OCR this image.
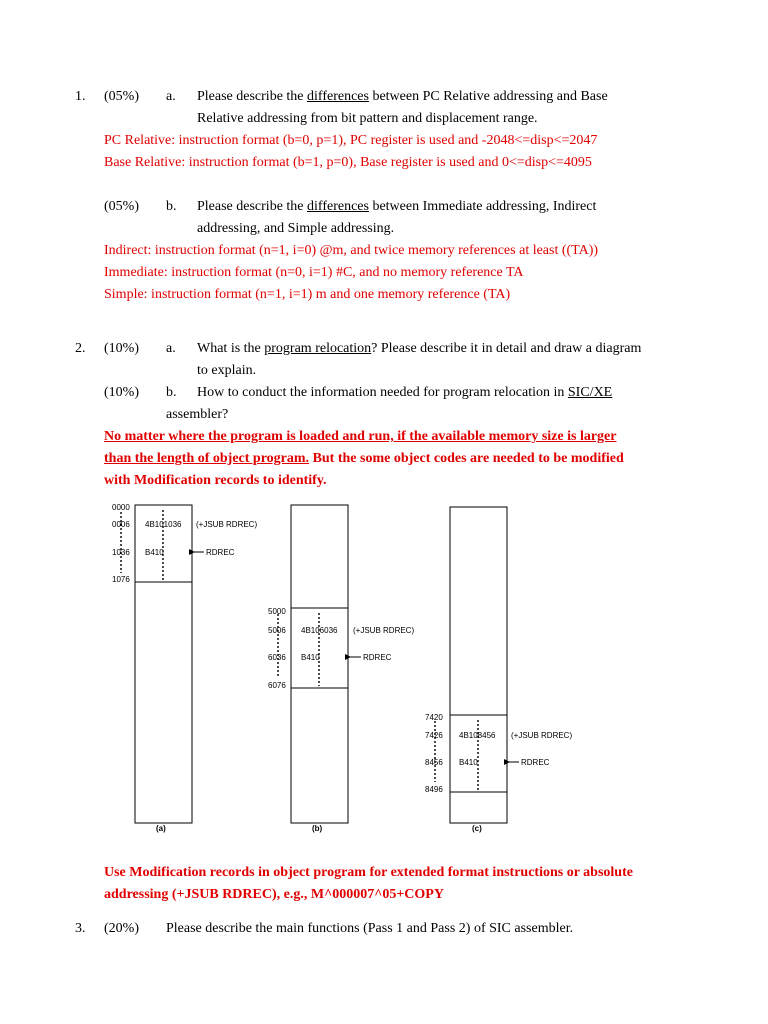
1. (05%) a. Please describe the differences between PC Relative addressing and Base
Relative addressing from bit pattern and displacement range.
PC Relative: instruction format (b=0, p=1), PC register is used and -2048<=disp<=2047
Base Relative: instruction format (b=1, p=0), Base register is used and 0<=disp<=4095
(05%) b. Please describe the differences between Immediate addressing, Indirect
addressing, and Simple addressing.
Indirect: instruction format (n=1, i=0) @m, and twice memory references at least ((TA))
Immediate: instruction format (n=0, i=1) #C, and no memory reference TA
Simple: instruction format (n=1, i=1) m and one memory reference (TA)
2. (10%) a. What is the program relocation? Please describe it in detail and draw a diagram
to explain.
(10%) b. How to conduct the information needed for program relocation in SIC/XE
assembler?
No matter where the program is loaded and run, if the available memory size is larger
than the length of object program. But the some object codes are needed to be modified
with Modification records to identify.
0000
0006
1036
1076
4B101036
B410
(+JSUB RDREC)
RDREC
(a)
5000
5006
6036
6076
4B106036
B410
(+JSUB RDREC)
RDREC
(b)
7420
7426
8456
8496
4B108456
B410
(+JSUB RDREC)
RDREC
(c)
Use Modification records in object program for extended format instructions or absolute
addressing (+JSUB RDREC), e.g., M^000007^05+COPY
3. (20%) Please describe the main functions (Pass 1 and Pass 2) of SIC assembler.
